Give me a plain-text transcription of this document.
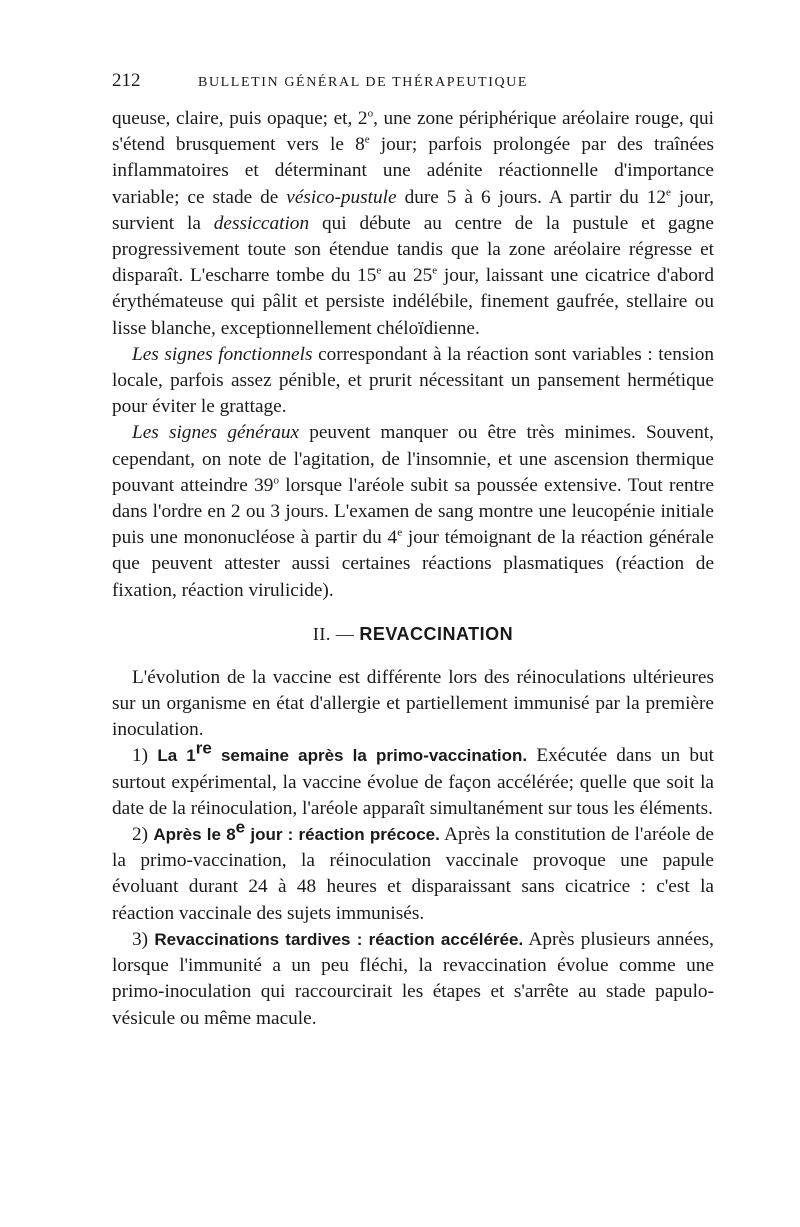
212	BULLETIN GÉNÉRAL DE THÉRAPEUTIQUE

queuse, claire, puis opaque; et, 2$^o$, une zone périphérique aréolaire rouge, qui s'étend brusquement vers le 8e jour; parfois prolongée par des traînées inflammatoires et déterminant une adénite réactionnelle d'importance variable; ce stade de vésico-pustule dure 5 à 6 jours. A partir du 12e jour, survient la dessiccation qui débute au centre de la pustule et gagne progressivement toute son étendue tandis que la zone aréolaire régresse et disparaît. L'escharre tombe du 15e au 25e jour, laissant une cicatrice d'abord érythémateuse qui pâlit et persiste indélébile, finement gaufrée, stellaire ou lisse blanche, exceptionnellement chéloïdienne.

Les signes fonctionnels correspondant à la réaction sont variables : tension locale, parfois assez pénible, et prurit nécessitant un pansement hermétique pour éviter le grattage.

Les signes généraux peuvent manquer ou être très minimes. Souvent, cependant, on note de l'agitation, de l'insomnie, et une ascension thermique pouvant atteindre 39$^o$ lorsque l'aréole subit sa poussée extensive. Tout rentre dans l'ordre en 2 ou 3 jours. L'examen de sang montre une leucopénie initiale puis une mononucléose à partir du 4e jour témoignant de la réaction générale que peuvent attester aussi certaines réactions plasmatiques (réaction de fixation, réaction virulicide).

II. — REVACCINATION

L'évolution de la vaccine est différente lors des réinoculations ultérieures sur un organisme en état d'allergie et partiellement immunisé par la première inoculation.

1) La 1re semaine après la primo-vaccination. Exécutée dans un but surtout expérimental, la vaccine évolue de façon accélérée; quelle que soit la date de la réinoculation, l'aréole apparaît simultanément sur tous les éléments.

2) Après le 8e jour : réaction précoce. Après la constitution de l'aréole de la primo-vaccination, la réinoculation vaccinale provoque une papule évoluant durant 24 à 48 heures et disparaissant sans cicatrice : c'est la réaction vaccinale des sujets immunisés.

3) Revaccinations tardives : réaction accélérée. Après plusieurs années, lorsque l'immunité a un peu fléchi, la revaccination évolue comme une primo-inoculation qui raccourcirait les étapes et s'arrête au stade papulo-vésicule ou même macule.
